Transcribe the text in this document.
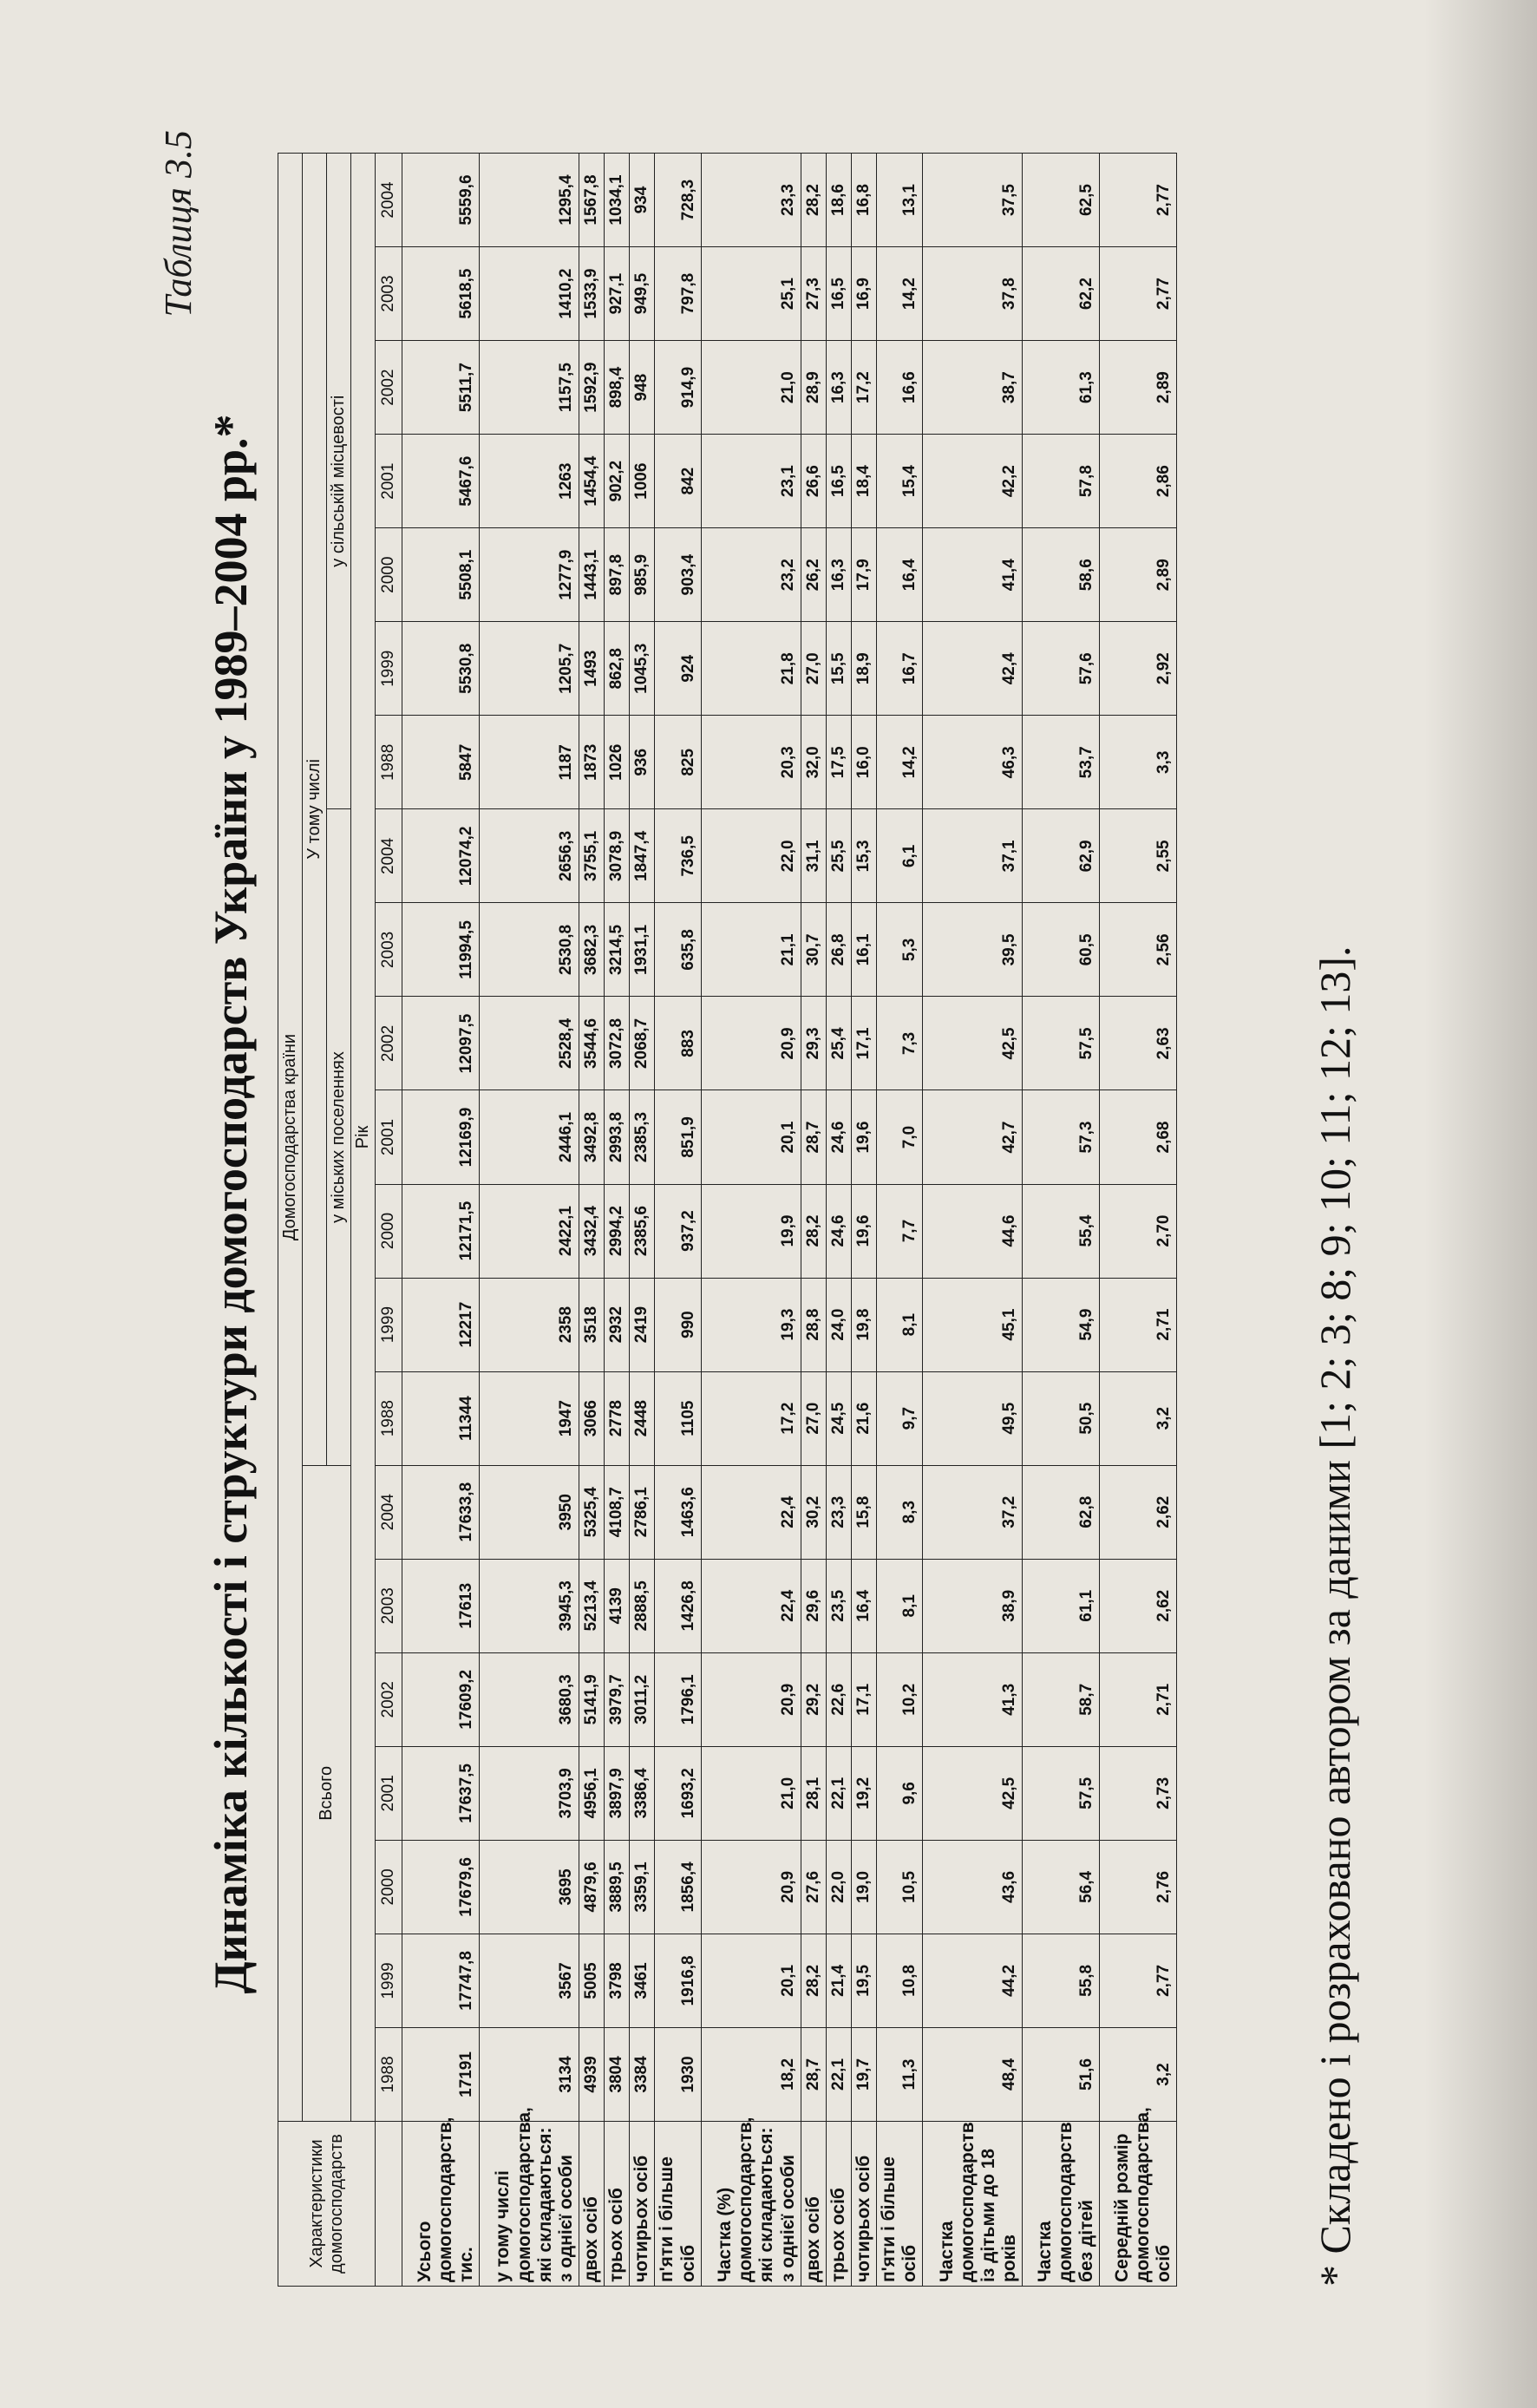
Таблиця 3.5
Динаміка кількості і структури домогосподарств України у 1989–2004 рр.*
Характеристики домогосподарств	Домогосподарства країни																				
	Всього							У тому числі													
								у міських поселеннях							у сільській місцевості						
	Рік																				
	1988	1999	2000	2001	2002	2003	2004	1988	1999	2000	2001	2002	2003	2004	1988	1999	2000	2001	2002	2003	2004
Усього домогосподарств, тис.	17191	17747,8	17679,6	17637,5	17609,2	17613	17633,8	11344	12217	12171,5	12169,9	12097,5	11994,5	12074,2	5847	5530,8	5508,1	5467,6	5511,7	5618,5	5559,6
у тому числі домогосподарства, які складаються: з однієї особи	3134	3567	3695	3703,9	3680,3	3945,3	3950	1947	2358	2422,1	2446,1	2528,4	2530,8	2656,3	1187	1205,7	1277,9	1263	1157,5	1410,2	1295,4
двох осіб	4939	5005	4879,6	4956,1	5141,9	5213,4	5325,4	3066	3518	3432,4	3492,8	3544,6	3682,3	3755,1	1873	1493	1443,1	1454,4	1592,9	1533,9	1567,8
трьох осіб	3804	3798	3889,5	3897,9	3979,7	4139	4108,7	2778	2932	2994,2	2993,8	3072,8	3214,5	3078,9	1026	862,8	897,8	902,2	898,4	927,1	1034,1
чотирьох осіб	3384	3461	3359,1	3386,4	3011,2	2888,5	2786,1	2448	2419	2385,6	2385,3	2068,7	1931,1	1847,4	936	1045,3	985,9	1006	948	949,5	934
п'яти і більше осіб	1930	1916,8	1856,4	1693,2	1796,1	1426,8	1463,6	1105	990	937,2	851,9	883	635,8	736,5	825	924	903,4	842	914,9	797,8	728,3
Частка (%) домогосподарств, які складаються: з однієї особи	18,2	20,1	20,9	21,0	20,9	22,4	22,4	17,2	19,3	19,9	20,1	20,9	21,1	22,0	20,3	21,8	23,2	23,1	21,0	25,1	23,3
двох осіб	28,7	28,2	27,6	28,1	29,2	29,6	30,2	27,0	28,8	28,2	28,7	29,3	30,7	31,1	32,0	27,0	26,2	26,6	28,9	27,3	28,2
трьох осіб	22,1	21,4	22,0	22,1	22,6	23,5	23,3	24,5	24,0	24,6	24,6	25,4	26,8	25,5	17,5	15,5	16,3	16,5	16,3	16,5	18,6
чотирьох осіб	19,7	19,5	19,0	19,2	17,1	16,4	15,8	21,6	19,8	19,6	19,6	17,1	16,1	15,3	16,0	18,9	17,9	18,4	17,2	16,9	16,8
п'яти і більше осіб	11,3	10,8	10,5	9,6	10,2	8,1	8,3	9,7	8,1	7,7	7,0	7,3	5,3	6,1	14,2	16,7	16,4	15,4	16,6	14,2	13,1
Частка домогосподарств із дітьми до 18 років	48,4	44,2	43,6	42,5	41,3	38,9	37,2	49,5	45,1	44,6	42,7	42,5	39,5	37,1	46,3	42,4	41,4	42,2	38,7	37,8	37,5
Частка домогосподарств без дітей	51,6	55,8	56,4	57,5	58,7	61,1	62,8	50,5	54,9	55,4	57,3	57,5	60,5	62,9	53,7	57,6	58,6	57,8	61,3	62,2	62,5
Середній розмір домогосподарства, осіб	3,2	2,77	2,76	2,73	2,71	2,62	2,62	3,2	2,71	2,70	2,68	2,63	2,56	2,55	3,3	2,92	2,89	2,86	2,89	2,77	2,77
* Складено і розраховано автором за даними [1; 2; 3; 8; 9; 10; 11; 12; 13].
